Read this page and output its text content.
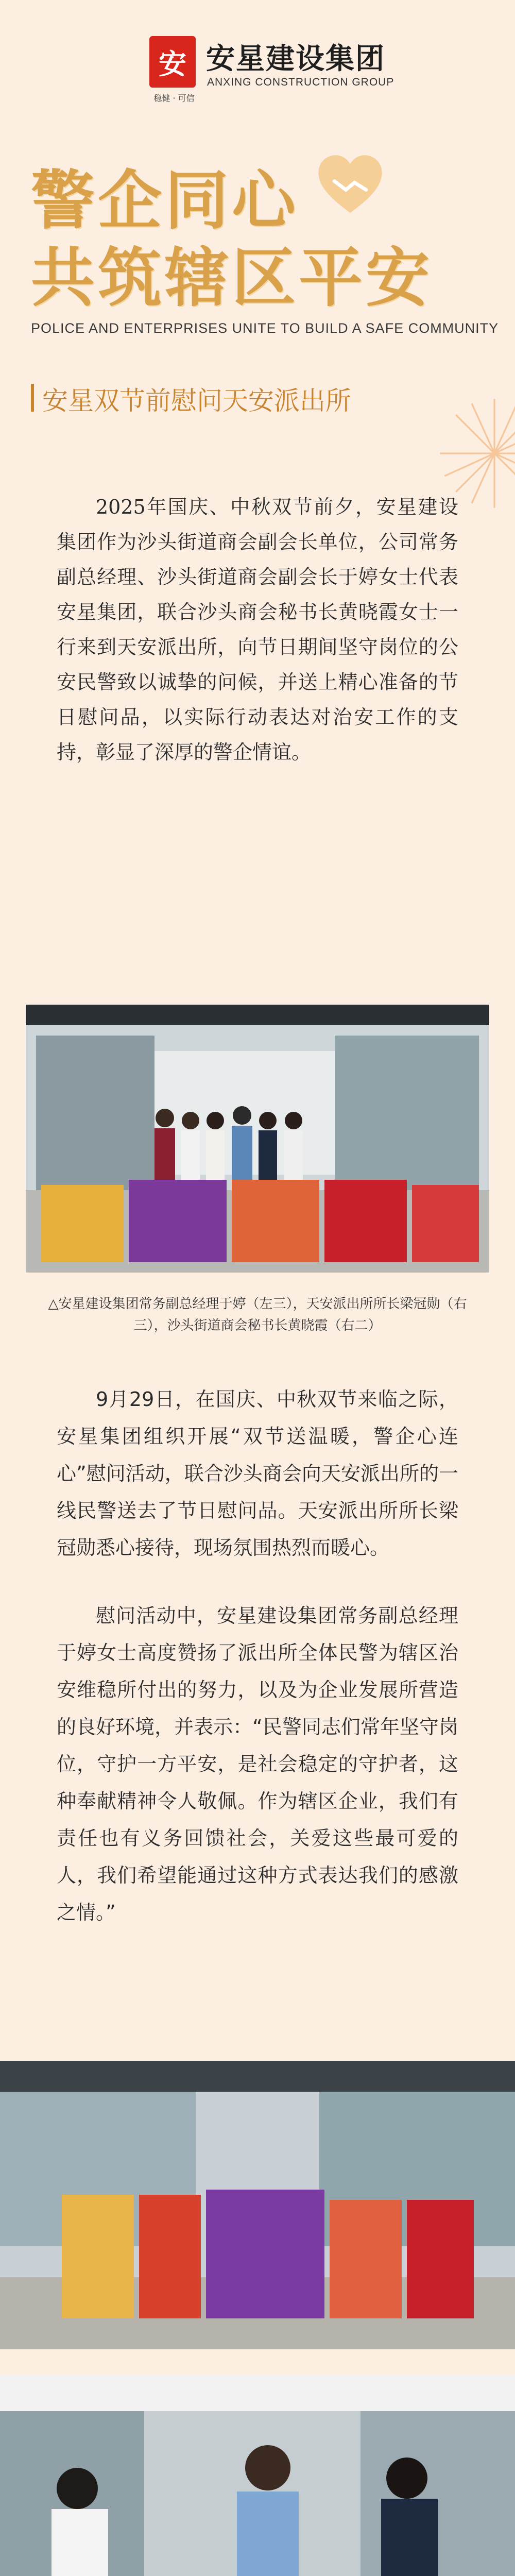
安
稳健 · 可信
安星建设集团
ANXING CONSTRUCTION GROUP
警企同心
共筑辖区平安
POLICE AND ENTERPRISES UNITE TO BUILD A SAFE COMMUNITY
安星双节前慰问天安派出所
2025年国庆、中秋双节前夕，安星建设集团作为沙头街道商会副会长单位，公司常务副总经理、沙头街道商会副会长于婷女士代表安星集团，联合沙头商会秘书长黄晓霞女士一行来到天安派出所，向节日期间坚守岗位的公安民警致以诚挚的问候，并送上精心准备的节日慰问品，以实际行动表达对治安工作的支持，彰显了深厚的警企情谊。
△安星建设集团常务副总经理于婷（左三），天安派出所所长梁冠勋（右三），沙头街道商会秘书长黄晓霞（右二）
9月29日，在国庆、中秋双节来临之际，安星集团组织开展“双节送温暖，警企心连心”慰问活动，联合沙头商会向天安派出所的一线民警送去了节日慰问品。天安派出所所长梁冠勋悉心接待，现场氛围热烈而暖心。
慰问活动中，安星建设集团常务副总经理于婷女士高度赞扬了派出所全体民警为辖区治安维稳所付出的努力，以及为企业发展所营造的良好环境，并表示：“民警同志们常年坚守岗位，守护一方平安，是社会稳定的守护者，这种奉献精神令人敬佩。作为辖区企业，我们有责任也有义务回馈社会，关爱这些最可爱的人，我们希望能通过这种方式表达我们的感激之情。”
